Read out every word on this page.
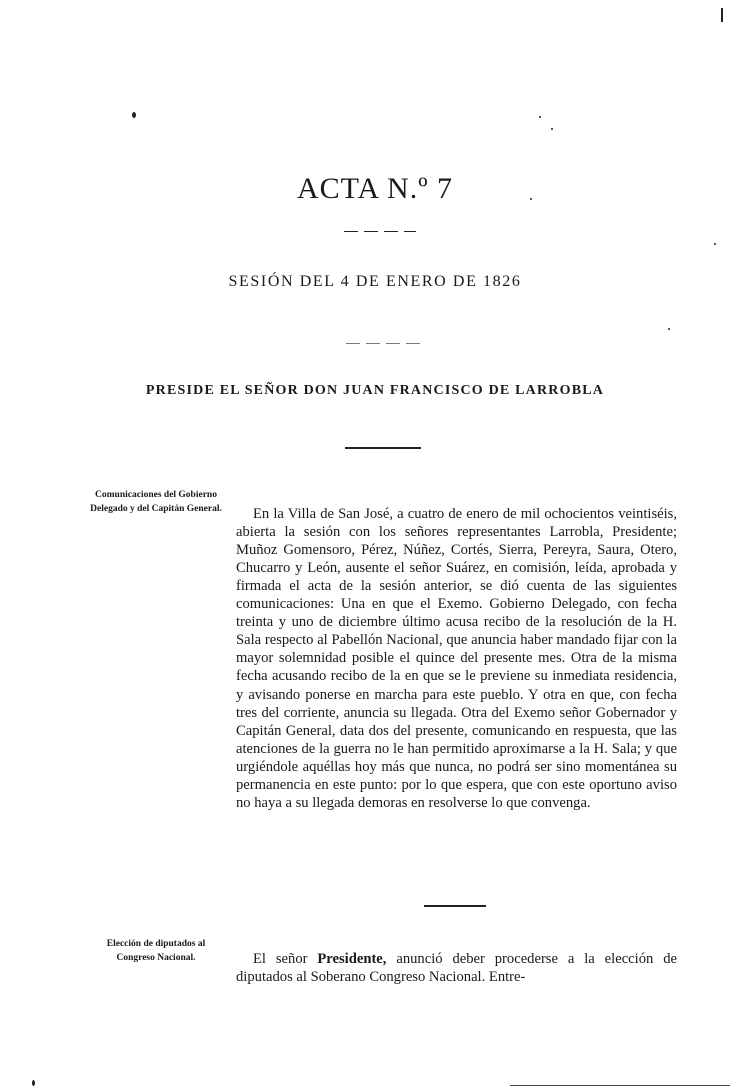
ACTA N.º 7
SESIÓN DEL 4 DE ENERO DE 1826
PRESIDE EL SEÑOR DON JUAN FRANCISCO DE LARROBLA
Comunicaciones del Gobierno Delegado y del Capitán General.	En la Villa de San José, a cuatro de enero de mil ochocientos veintiséis, abierta la sesión con los señores representantes Larrobla, Presidente; Muñoz Gomensoro, Pérez, Núñez, Cortés, Sierra, Pereyra, Saura, Otero, Chucarro y León, ausente el señor Suárez, en comisión, leída, aprobada y firmada el acta de la sesión anterior, se dió cuenta de las siguientes comunicaciones: Una en que el Exemo. Gobierno Delegado, con fecha treinta y uno de diciembre último acusa recibo de la resolución de la H. Sala respecto al Pabellón Nacional, que anuncia haber mandado fijar con la mayor solemnidad posible el quince del presente mes. Otra de la misma fecha acusando recibo de la en que se le previene su inmediata residencia, y avisando ponerse en marcha para este pueblo. Y otra en que, con fecha tres del corriente, anuncia su llegada. Otra del Exemo señor Gobernador y Capitán General, data dos del presente, comunicando en respuesta, que las atenciones de la guerra no le han permitido aproximarse a la H. Sala; y que urgiéndole aquéllas hoy más que nunca, no podrá ser sino momentánea su permanencia en este punto: por lo que espera, que con este oportuno aviso no haya a su llegada demoras en resolverse lo que convenga.

Elección de diputados al Congreso Nacional.	El señor Presidente, anunció deber procederse a la elección de diputados al Soberano Congreso Nacional. Entre-
